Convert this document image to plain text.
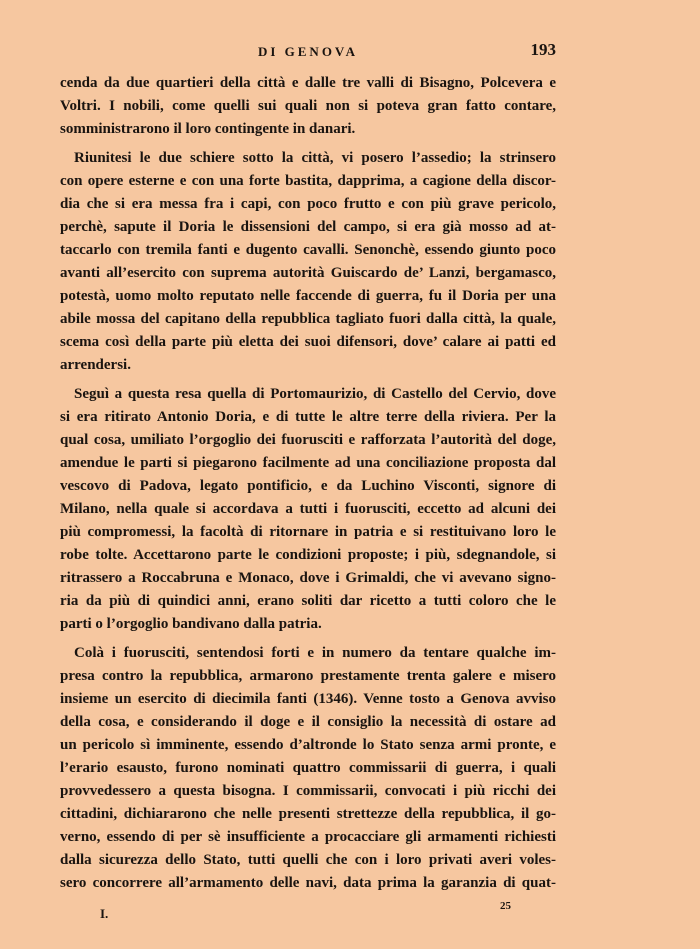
DI GENOVA	193
cenda da due quartieri della città e dalle tre valli di Bisagno, Polcevera e
Voltri. I nobili, come quelli sui quali non si poteva gran fatto contare,
somministrarono il loro contingente in danari.
Riunitesi le due schiere sotto la città, vi posero l’assedio; la strinsero
con opere esterne e con una forte bastita, dapprima, a cagione della discor-
dia che si era messa fra i capi, con poco frutto e con più grave pericolo,
perchè, sapute il Doria le dissensioni del campo, si era già mosso ad at-
taccarlo con tremila fanti e dugento cavalli. Senonchè, essendo giunto poco
avanti all’esercito con suprema autorità Guiscardo de’ Lanzi, bergamasco,
potestà, uomo molto reputato nelle faccende di guerra, fu il Doria per una
abile mossa del capitano della repubblica tagliato fuori dalla città, la quale,
scema così della parte più eletta dei suoi difensori, dove’ calare ai patti ed
arrendersi.
Seguì a questa resa quella di Portomaurizio, di Castello del Cervio, dove
si era ritirato Antonio Doria, e di tutte le altre terre della riviera. Per la
qual cosa, umiliato l’orgoglio dei fuorusciti e rafforzata l’autorità del doge,
amendue le parti si piegarono facilmente ad una conciliazione proposta dal
vescovo di Padova, legato pontificio, e da Luchino Visconti, signore di
Milano, nella quale si accordava a tutti i fuorusciti, eccetto ad alcuni dei
più compromessi, la facoltà di ritornare in patria e si restituivano loro le
robe tolte. Accettarono parte le condizioni proposte; i più, sdegnandole, si
ritrassero a Roccabruna e Monaco, dove i Grimaldi, che vi avevano signo-
ria da più di quindici anni, erano soliti dar ricetto a tutti coloro che le
parti o l’orgoglio bandivano dalla patria.
Colà i fuorusciti, sentendosi forti e in numero da tentare qualche im-
presa contro la repubblica, armarono prestamente trenta galere e misero
insieme un esercito di diecimila fanti (1346). Venne tosto a Genova avviso
della cosa, e considerando il doge e il consiglio la necessità di ostare ad
un pericolo sì imminente, essendo d’altronde lo Stato senza armi pronte, e
l’erario esausto, furono nominati quattro commissarii di guerra, i quali
provvedessero a questa bisogna. I commissarii, convocati i più ricchi dei
cittadini, dichiararono che nelle presenti strettezze della repubblica, il go-
verno, essendo di per sè insufficiente a procacciare gli armamenti richiesti
dalla sicurezza dello Stato, tutti quelli che con i loro privati averi voles-
sero concorrere all’armamento delle navi, data prima la garanzia di quat-
I.	25
